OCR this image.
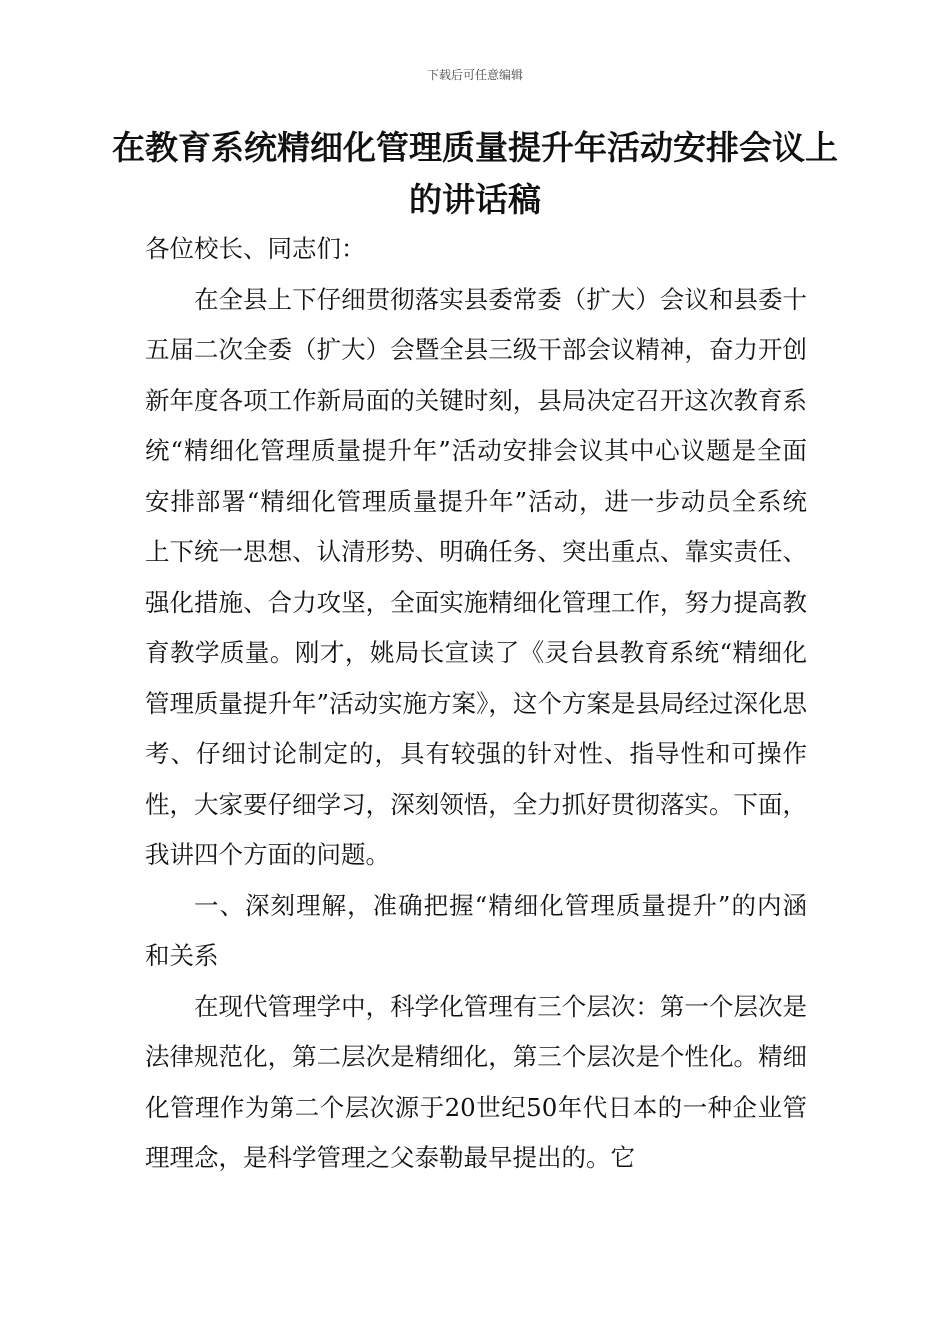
下载后可任意编辑
在教育系统精细化管理质量提升年活动安排会议上的讲话稿

各位校长、同志们：

在全县上下仔细贯彻落实县委常委（扩大）会议和县委十五届二次全委（扩大）会暨全县三级干部会议精神，奋力开创新年度各项工作新局面的关键时刻，县局决定召开这次教育系统“精细化管理质量提升年”活动安排会议其中心议题是全面安排部署“精细化管理质量提升年”活动，进一步动员全系统上下统一思想、认清形势、明确任务、突出重点、靠实责任、强化措施、合力攻坚，全面实施精细化管理工作，努力提高教育教学质量。刚才，姚局长宣读了《灵台县教育系统“精细化管理质量提升年”活动实施方案》，这个方案是县局经过深化思考、仔细讨论制定的，具有较强的针对性、指导性和可操作性，大家要仔细学习，深刻领悟，全力抓好贯彻落实。下面，我讲四个方面的问题。

一、深刻理解，准确把握“精细化管理质量提升”的内涵和关系

在现代管理学中，科学化管理有三个层次：第一个层次是法律规范化，第二层次是精细化，第三个层次是个性化。精细化管理作为第二个层次源于20世纪50年代日本的一种企业管理理念，是科学管理之父泰勒最早提出的。它
